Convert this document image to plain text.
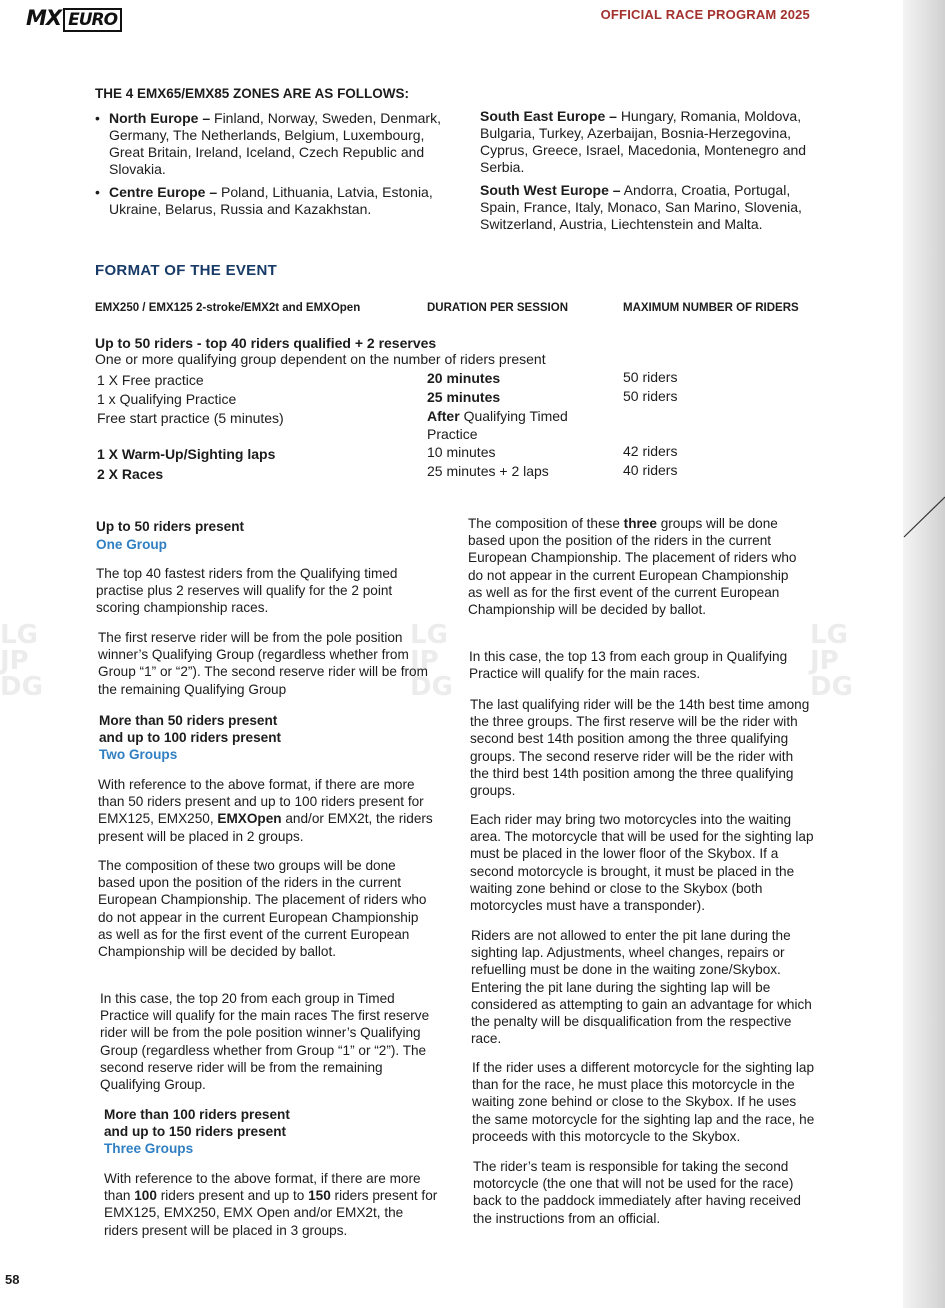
LG
JP
DG
LG
JP
DG
LG
JP
DG
MX EURO	OFFICIAL RACE PROGRAM 2025
THE 4 EMX65/EMX85 ZONES ARE AS FOLLOWS:
• North Europe – Finland, Norway, Sweden, Denmark, Germany, The Netherlands, Belgium, Luxembourg, Great Britain, Ireland, Iceland, Czech Republic and Slovakia.
• Centre Europe – Poland, Lithuania, Latvia, Estonia, Ukraine, Belarus, Russia and Kazakhstan.
South East Europe – Hungary, Romania, Moldova, Bulgaria, Turkey, Azerbaijan, Bosnia-Herzegovina, Cyprus, Greece, Israel, Macedonia, Montenegro and Serbia.
South West Europe – Andorra, Croatia, Portugal, Spain, France, Italy, Monaco, San Marino, Slovenia, Switzerland, Austria, Liechtenstein and Malta.
FORMAT OF THE EVENT
EMX250 / EMX125 2-stroke/EMX2t and EMXOpen	DURATION PER SESSION	MAXIMUM NUMBER OF RIDERS
Up to 50 riders - top 40 riders qualified + 2 reserves
One or more qualifying group dependent on the number of riders present
1 X Free practice	20 minutes	50 riders
1 x Qualifying Practice	25 minutes	50 riders
Free start practice (5 minutes)	After Qualifying Timed Practice
1 X Warm-Up/Sighting laps	10 minutes	42 riders
2 X Races	25 minutes + 2 laps	40 riders
Up to 50 riders present
One Group
The top 40 fastest riders from the Qualifying timed practise plus 2 reserves will qualify for the 2 point scoring championship races.
The first reserve rider will be from the pole position winner’s Qualifying Group (regardless whether from Group “1” or “2”). The second reserve rider will be from the remaining Qualifying Group
More than 50 riders present
and up to 100 riders present
Two Groups
With reference to the above format, if there are more than 50 riders present and up to 100 riders present for EMX125, EMX250, EMXOpen and/or EMX2t, the riders present will be placed in 2 groups.
The composition of these two groups will be done based upon the position of the riders in the current European Championship. The placement of riders who do not appear in the current European Championship as well as for the first event of the current European Championship will be decided by ballot.
In this case, the top 20 from each group in Timed Practice will qualify for the main races The first reserve rider will be from the pole position winner’s Qualifying Group (regardless whether from Group “1” or “2”). The second reserve rider will be from the remaining Qualifying Group.
More than 100 riders present
and up to 150 riders present
Three Groups
With reference to the above format, if there are more than 100 riders present and up to 150 riders present for EMX125, EMX250, EMX Open and/or EMX2t, the riders present will be placed in 3 groups.
The composition of these three groups will be done based upon the position of the riders in the current European Championship. The placement of riders who do not appear in the current European Championship as well as for the first event of the current European Championship will be decided by ballot.
In this case, the top 13 from each group in Qualifying Practice will qualify for the main races.
The last qualifying rider will be the 14th best time among the three groups. The first reserve will be the rider with second best 14th position among the three qualifying groups. The second reserve rider will be the rider with the third best 14th position among the three qualifying groups.
Each rider may bring two motorcycles into the waiting area. The motorcycle that will be used for the sighting lap must be placed in the lower floor of the Skybox. If a second motorcycle is brought, it must be placed in the waiting zone behind or close to the Skybox (both motorcycles must have a transponder).
Riders are not allowed to enter the pit lane during the sighting lap. Adjustments, wheel changes, repairs or refuelling must be done in the waiting zone/Skybox. Entering the pit lane during the sighting lap will be considered as attempting to gain an advantage for which the penalty will be disqualification from the respective race.
If the rider uses a different motorcycle for the sighting lap than for the race, he must place this motorcycle in the waiting zone behind or close to the Skybox. If he uses the same motorcycle for the sighting lap and the race, he proceeds with this motorcycle to the Skybox.
The rider’s team is responsible for taking the second motorcycle (the one that will not be used for the race) back to the paddock immediately after having received the instructions from an official.
58
